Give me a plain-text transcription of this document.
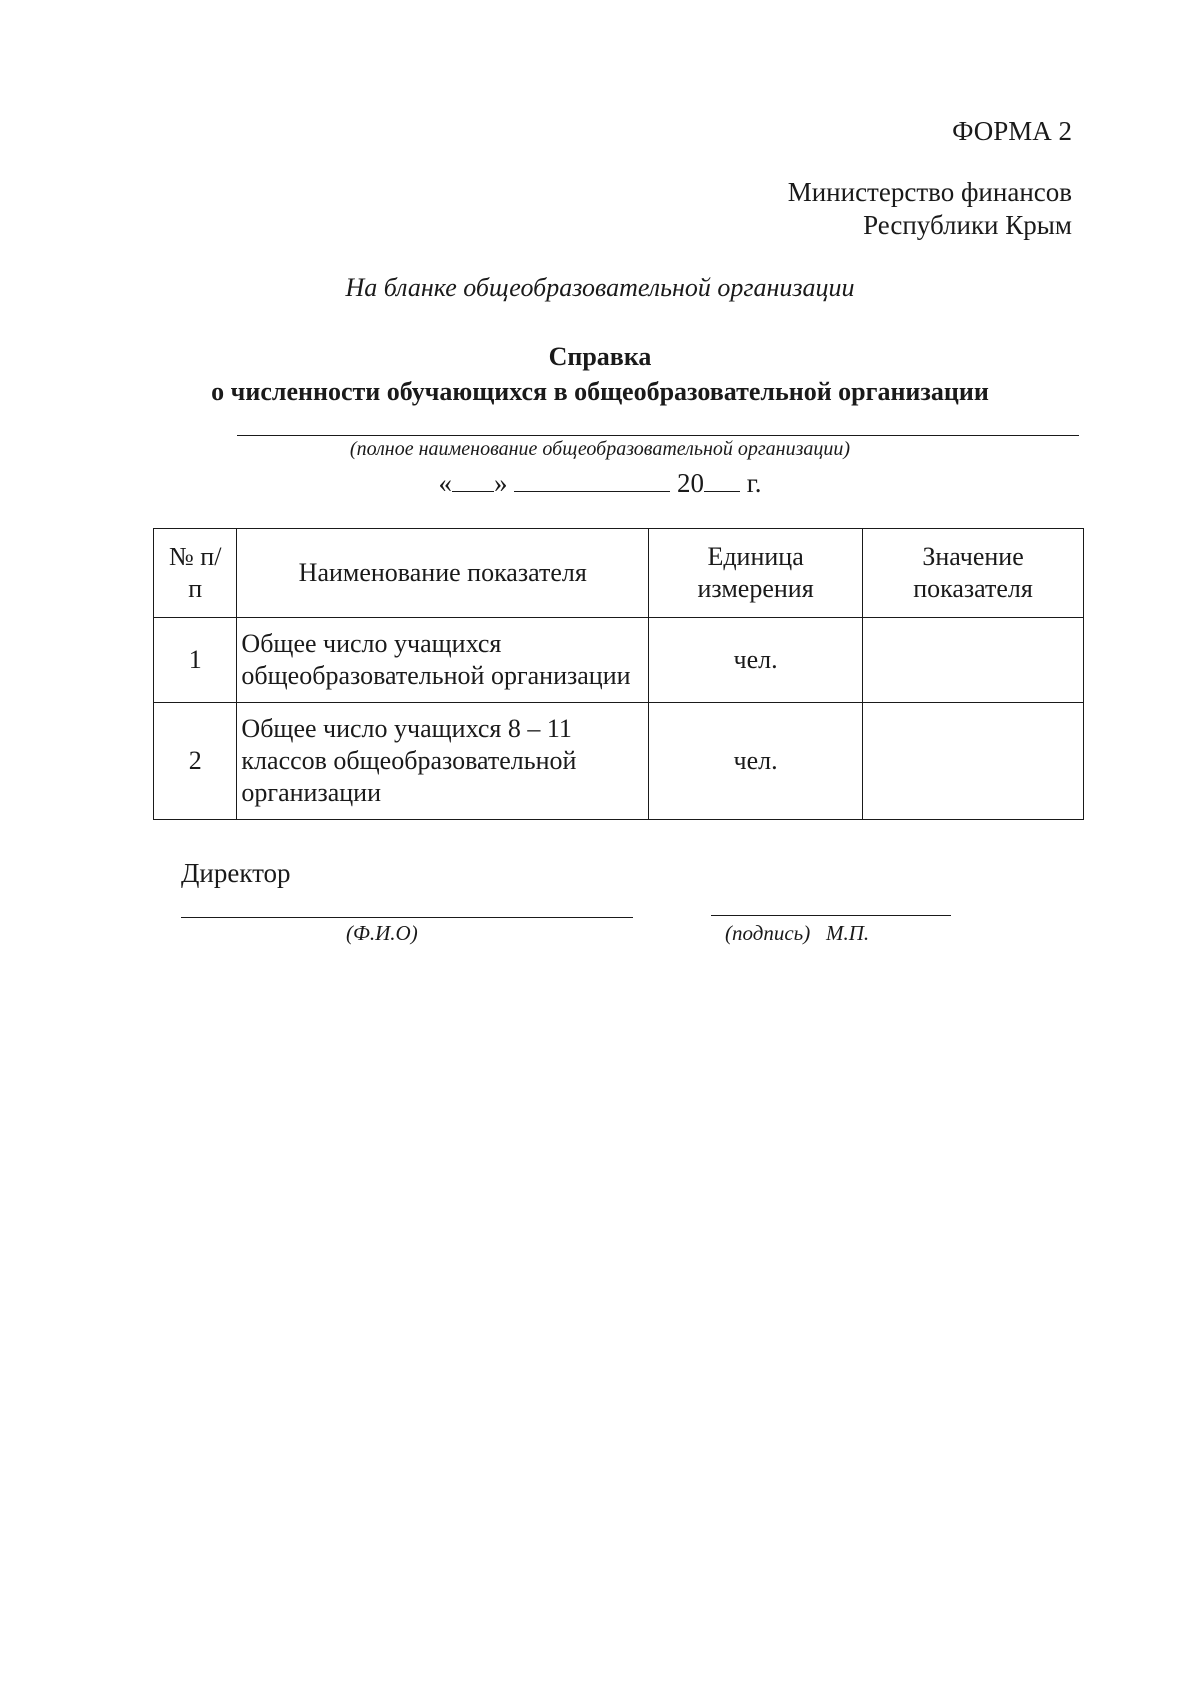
ФОРМА 2
Министерство финансов
Республики Крым
На бланке общеобразовательной организации
Справка
о численности обучающихся в общеобразовательной организации
(полное наименование общеобразовательной организации)
« »	20 г.
№ п/п	Наименование показателя	Единица измерения	Значение показателя
1	Общее число учащихся общеобразовательной организации	чел.	
2	Общее число учащихся 8 – 11 классов общеобразовательной организации	чел.	
Директор
(Ф.И.О)	(подпись)   М.П.
